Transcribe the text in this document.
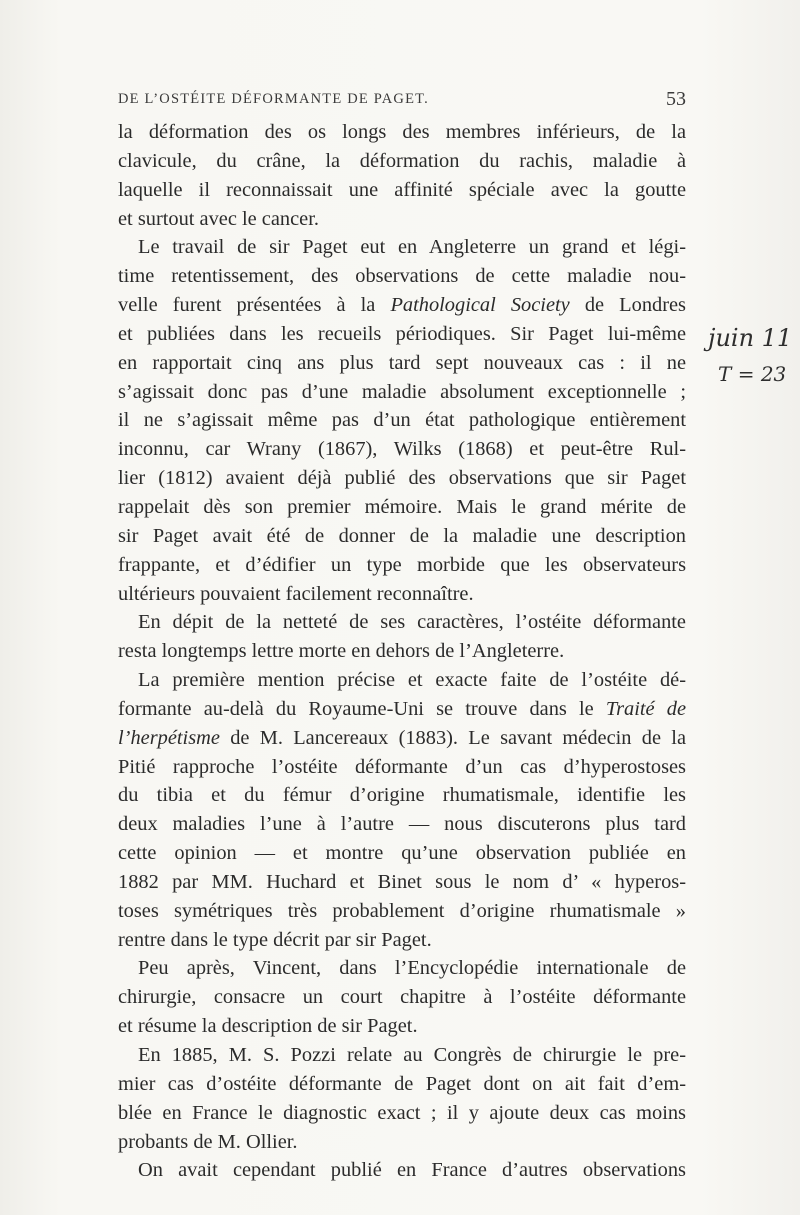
DE L’OSTÉITE DÉFORMANTE DE PAGET.	53
la déformation des os longs des membres inférieurs, de la
clavicule, du crâne, la déformation du rachis, maladie à
laquelle il reconnaissait une affinité spéciale avec la goutte
et surtout avec le cancer.
Le travail de sir Paget eut en Angleterre un grand et légi-
time retentissement, des observations de cette maladie nou-
velle furent présentées à la Pathological Society de Londres
et publiées dans les recueils périodiques. Sir Paget lui-même
en rapportait cinq ans plus tard sept nouveaux cas : il ne
s’agissait donc pas d’une maladie absolument exceptionnelle ;
il ne s’agissait même pas d’un état pathologique entièrement
inconnu, car Wrany (1867), Wilks (1868) et peut-être Rul-
lier (1812) avaient déjà publié des observations que sir Paget
rappelait dès son premier mémoire. Mais le grand mérite de
sir Paget avait été de donner de la maladie une description
frappante, et d’édifier un type morbide que les observateurs
ultérieurs pouvaient facilement reconnaître.
En dépit de la netteté de ses caractères, l’ostéite déformante
resta longtemps lettre morte en dehors de l’Angleterre.
La première mention précise et exacte faite de l’ostéite dé-
formante au-delà du Royaume-Uni se trouve dans le Traité de
l’herpétisme de M. Lancereaux (1883). Le savant médecin de la
Pitié rapproche l’ostéite déformante d’un cas d’hyperostoses
du tibia et du fémur d’origine rhumatismale, identifie les
deux maladies l’une à l’autre — nous discuterons plus tard
cette opinion — et montre qu’une observation publiée en
1882 par MM. Huchard et Binet sous le nom d’ « hyperos-
toses symétriques très probablement d’origine rhumatismale »
rentre dans le type décrit par sir Paget.
Peu après, Vincent, dans l’Encyclopédie internationale de
chirurgie, consacre un court chapitre à l’ostéite déformante
et résume la description de sir Paget.
En 1885, M. S. Pozzi relate au Congrès de chirurgie le pre-
mier cas d’ostéite déformante de Paget dont on ait fait d’em-
blée en France le diagnostic exact ; il y ajoute deux cas moins
probants de M. Ollier.
On avait cependant publié en France d’autres observations
juin 11
T = 23
